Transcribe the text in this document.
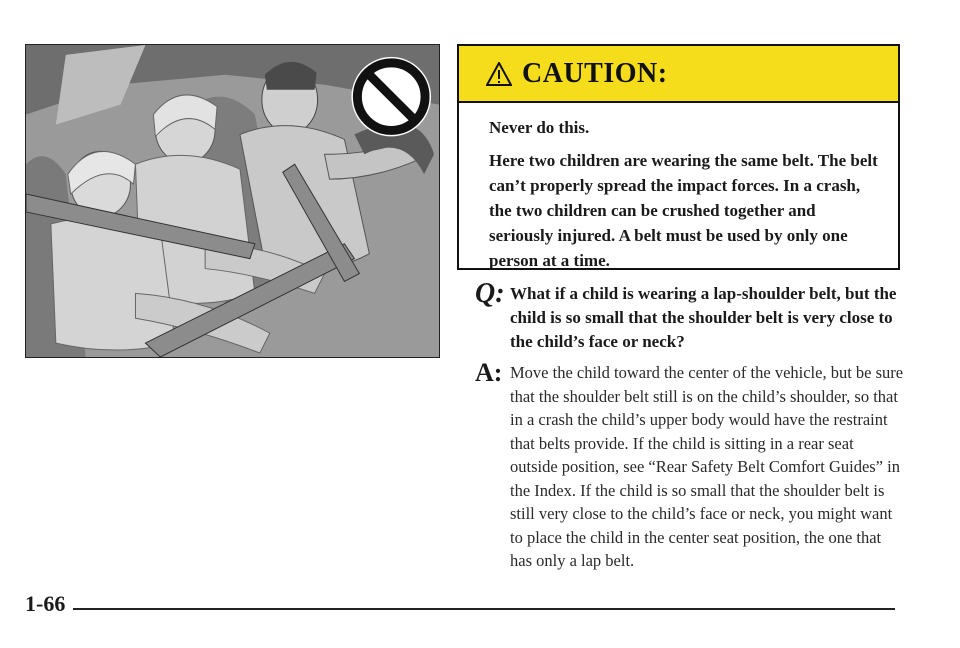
CAUTION:

Never do this.

Here two children are wearing the same belt. The belt can’t properly spread the impact forces. In a crash, the two children can be crushed together and seriously injured. A belt must be used by only one person at a time.

Q: What if a child is wearing a lap-shoulder belt, but the child is so small that the shoulder belt is very close to the child’s face or neck?
A: Move the child toward the center of the vehicle, but be sure that the shoulder belt still is on the child’s shoulder, so that in a crash the child’s upper body would have the restraint that belts provide. If the child is sitting in a rear seat outside position, see “Rear Safety Belt Comfort Guides” in the Index. If the child is so small that the shoulder belt is still very close to the child’s face or neck, you might want to place the child in the center seat position, the one that has only a lap belt.
1-66
